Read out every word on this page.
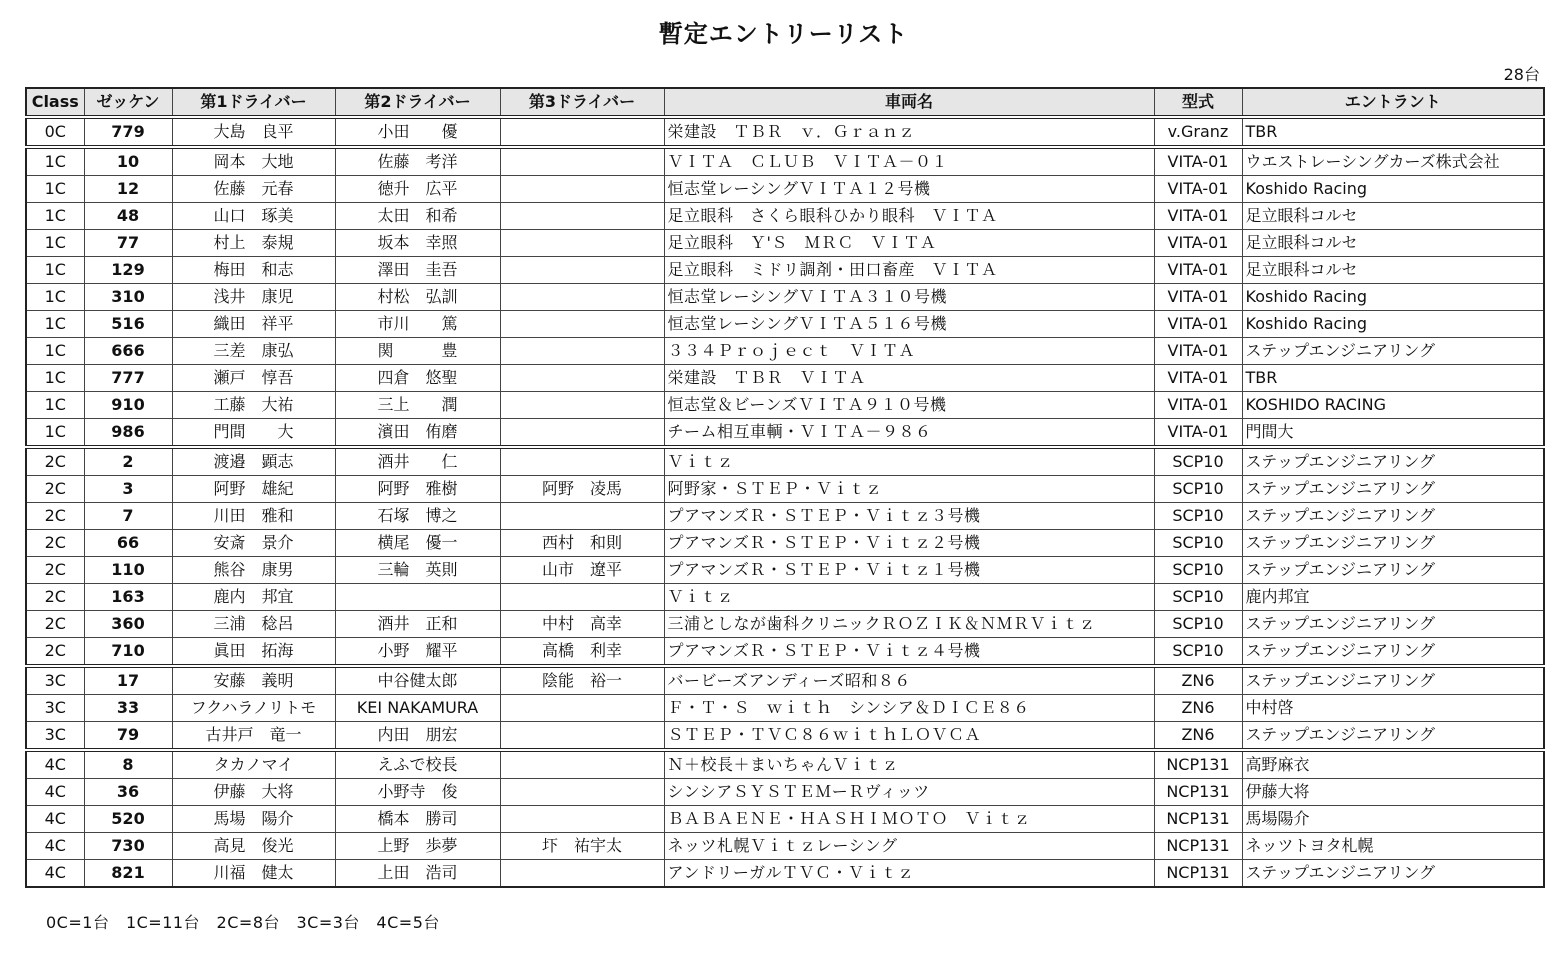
暫定エントリーリスト
28台
Class	ゼッケン	第1ドライバー	第2ドライバー	第3ドライバー	車両名	型式	エントラント
0C	779	大島　良平	小田　　優		栄建設　ＴＢＲ　ｖ．Ｇｒａｎｚ	v.Granz	TBR
1C	10	岡本　大地	佐藤　考洋		ＶＩＴＡ　ＣＬＵＢ　ＶＩＴＡ－０１	VITA-01	ウエストレーシングカーズ株式会社
1C	12	佐藤　元春	徳升　広平		恒志堂レーシングＶＩＴＡ１２号機	VITA-01	Koshido Racing
1C	48	山口　琢美	太田　和希		足立眼科　さくら眼科ひかり眼科　ＶＩＴＡ	VITA-01	足立眼科コルセ
1C	77	村上　泰規	坂本　幸照		足立眼科　Ｙ'Ｓ　ＭＲＣ　ＶＩＴＡ	VITA-01	足立眼科コルセ
1C	129	梅田　和志	澤田　圭吾		足立眼科　ミドリ調剤・田口畜産　ＶＩＴＡ	VITA-01	足立眼科コルセ
1C	310	浅井　康児	村松　弘訓		恒志堂レーシングＶＩＴＡ３１０号機	VITA-01	Koshido Racing
1C	516	織田　祥平	市川　　篤		恒志堂レーシングＶＩＴＡ５１６号機	VITA-01	Koshido Racing
1C	666	三差　康弘	関　　　豊		３３４Ｐｒｏｊｅｃｔ　ＶＩＴＡ	VITA-01	ステップエンジニアリング
1C	777	瀬戸　惇吾	四倉　悠聖		栄建設　ＴＢＲ　ＶＩＴＡ	VITA-01	TBR
1C	910	工藤　大祐	三上　　潤		恒志堂＆ビーンズＶＩＴＡ９１０号機	VITA-01	KOSHIDO RACING
1C	986	門間　　大	濱田　侑磨		チーム相互車輌・ＶＩＴＡ－９８６	VITA-01	門間大
2C	2	渡邉　顕志	酒井　　仁		Ｖｉｔｚ	SCP10	ステップエンジニアリング
2C	3	阿野　雄紀	阿野　雅樹	阿野　凌馬	阿野家・ＳＴＥＰ・Ｖｉｔｚ	SCP10	ステップエンジニアリング
2C	7	川田　雅和	石塚　博之		プアマンズＲ・ＳＴＥＰ・Ｖｉｔｚ３号機	SCP10	ステップエンジニアリング
2C	66	安斎　景介	横尾　優一	西村　和則	プアマンズＲ・ＳＴＥＰ・Ｖｉｔｚ２号機	SCP10	ステップエンジニアリング
2C	110	熊谷　康男	三輪　英則	山市　遼平	プアマンズＲ・ＳＴＥＰ・Ｖｉｔｚ１号機	SCP10	ステップエンジニアリング
2C	163	鹿内　邦宜			Ｖｉｔｚ	SCP10	鹿内邦宜
2C	360	三浦　稔呂	酒井　正和	中村　高幸	三浦としなが歯科クリニックＲＯＺＩＫ＆ＮＭＲＶｉｔｚ	SCP10	ステップエンジニアリング
2C	710	眞田　拓海	小野　耀平	高橋　利幸	プアマンズＲ・ＳＴＥＰ・Ｖｉｔｚ４号機	SCP10	ステップエンジニアリング
3C	17	安藤　義明	中谷健太郎	陰能　裕一	バービーズアンディーズ昭和８６	ZN6	ステップエンジニアリング
3C	33	フクハラノリトモ	KEI NAKAMURA		Ｆ・Ｔ・Ｓ　ｗｉｔｈ　シンシア＆ＤＩＣＥ８６	ZN6	中村啓
3C	79	古井戸　竜一	内田　朋宏		ＳＴＥＰ・ＴＶＣ８６ｗｉｔｈＬＯＶＣＡ	ZN6	ステップエンジニアリング
4C	8	タカノマイ	えふで校長		Ｎ＋校長＋まいちゃんＶｉｔｚ	NCP131	高野麻衣
4C	36	伊藤　大将	小野寺　俊		シンシアＳＹＳＴＥＭーＲヴィッツ	NCP131	伊藤大将
4C	520	馬場　陽介	橋本　勝司		ＢＡＢＡＥＮＥ・ＨＡＳＨＩＭＯＴＯ　Ｖｉｔｚ	NCP131	馬場陽介
4C	730	高見　俊光	上野　歩夢	圷　祐宇太	ネッツ札幌Ｖｉｔｚレーシング	NCP131	ネッツトヨタ札幌
4C	821	川福　健太	上田　浩司		アンドリーガルＴＶＣ・Ｖｉｔｚ	NCP131	ステップエンジニアリング
0C=1台　1C=11台　2C=8台　3C=3台　4C=5台
